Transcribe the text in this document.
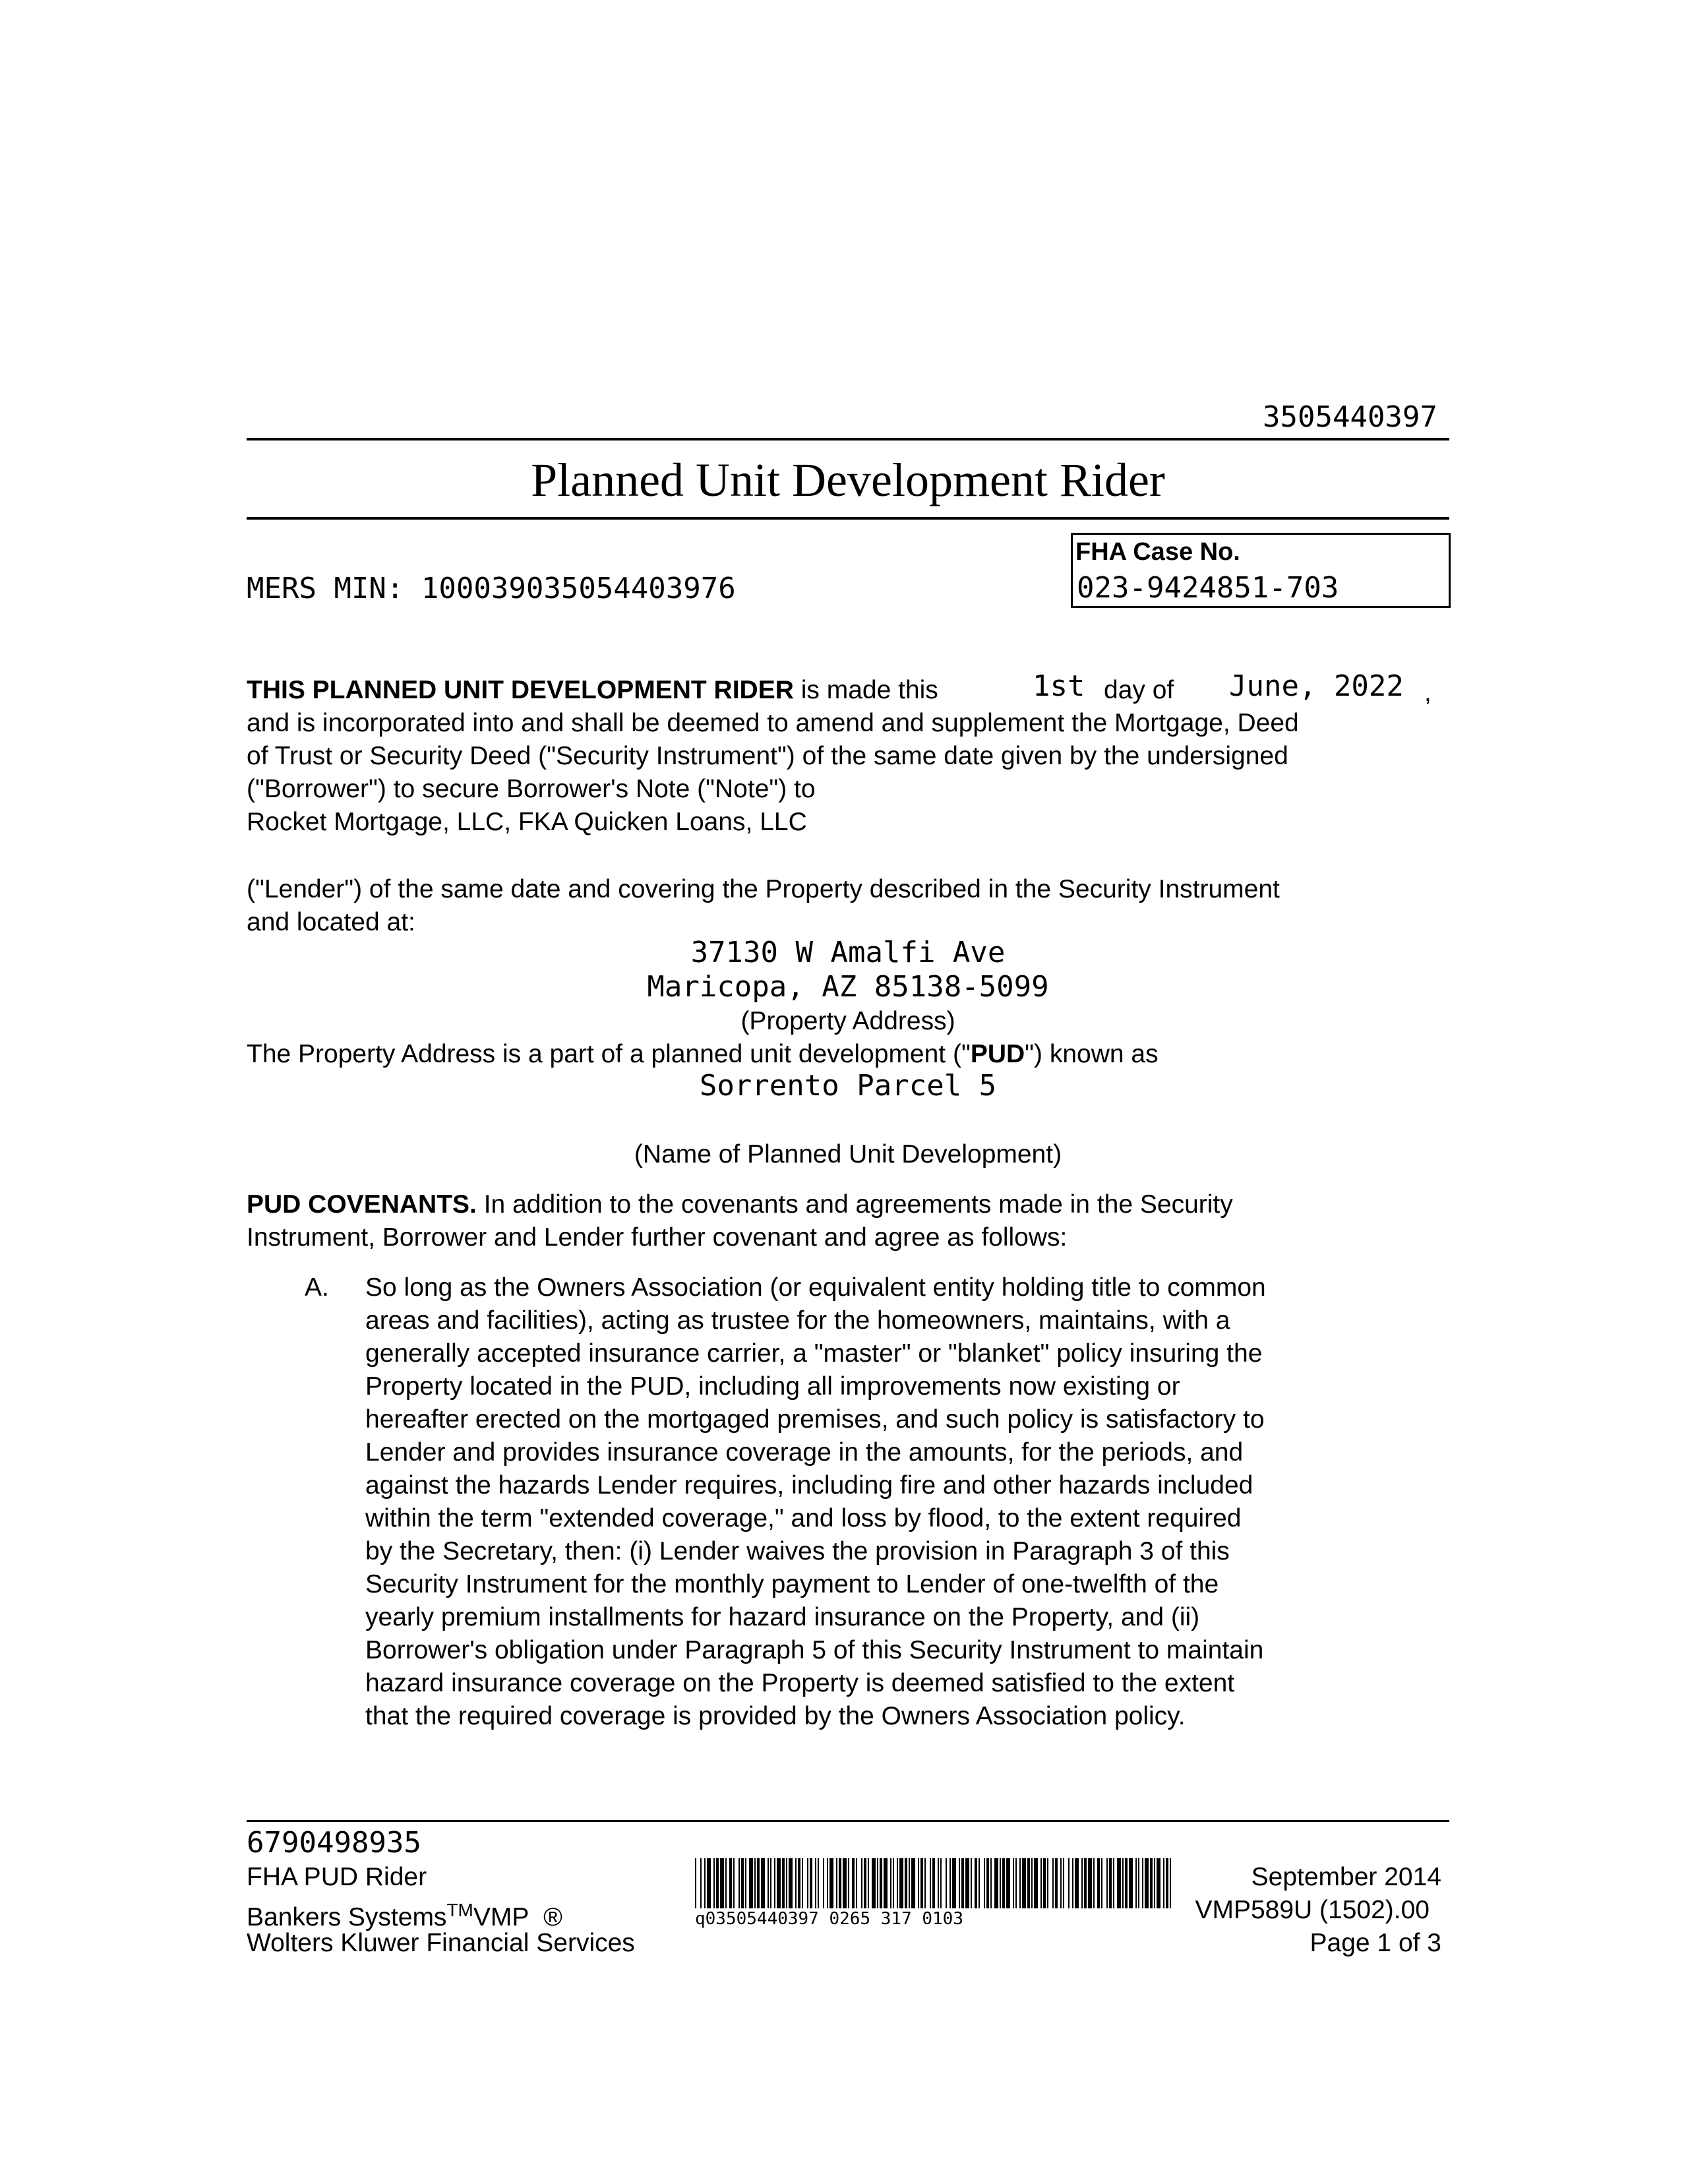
3505440397
Planned Unit Development Rider
MERS MIN: 100039035054403976
FHA Case No.
023-9424851-703
THIS PLANNED UNIT DEVELOPMENT RIDER is made this	1st day of June, 2022 ,
and is incorporated into and shall be deemed to amend and supplement the Mortgage, Deed
of Trust or Security Deed ("Security Instrument") of the same date given by the undersigned
("Borrower") to secure Borrower's Note ("Note") to
Rocket Mortgage, LLC, FKA Quicken Loans, LLC
("Lender") of the same date and covering the Property described in the Security Instrument
and located at:
37130 W Amalfi Ave
Maricopa, AZ 85138-5099
(Property Address)
The Property Address is a part of a planned unit development ("PUD") known as
Sorrento Parcel 5
(Name of Planned Unit Development)
PUD COVENANTS. In addition to the covenants and agreements made in the Security
Instrument, Borrower and Lender further covenant and agree as follows:
A. So long as the Owners Association (or equivalent entity holding title to common
areas and facilities), acting as trustee for the homeowners, maintains, with a
generally accepted insurance carrier, a "master" or "blanket" policy insuring the
Property located in the PUD, including all improvements now existing or
hereafter erected on the mortgaged premises, and such policy is satisfactory to
Lender and provides insurance coverage in the amounts, for the periods, and
against the hazards Lender requires, including fire and other hazards included
within the term "extended coverage," and loss by flood, to the extent required
by the Secretary, then: (i) Lender waives the provision in Paragraph 3 of this
Security Instrument for the monthly payment to Lender of one-twelfth of the
yearly premium installments for hazard insurance on the Property, and (ii)
Borrower's obligation under Paragraph 5 of this Security Instrument to maintain
hazard insurance coverage on the Property is deemed satisfied to the extent
that the required coverage is provided by the Owners Association policy.
6790498935
FHA PUD Rider
Bankers Systems™VMP ®
Wolters Kluwer Financial Services
q03505440397 0265 317 0103
September 2014
VMP589U (1502).00
Page 1 of 3
